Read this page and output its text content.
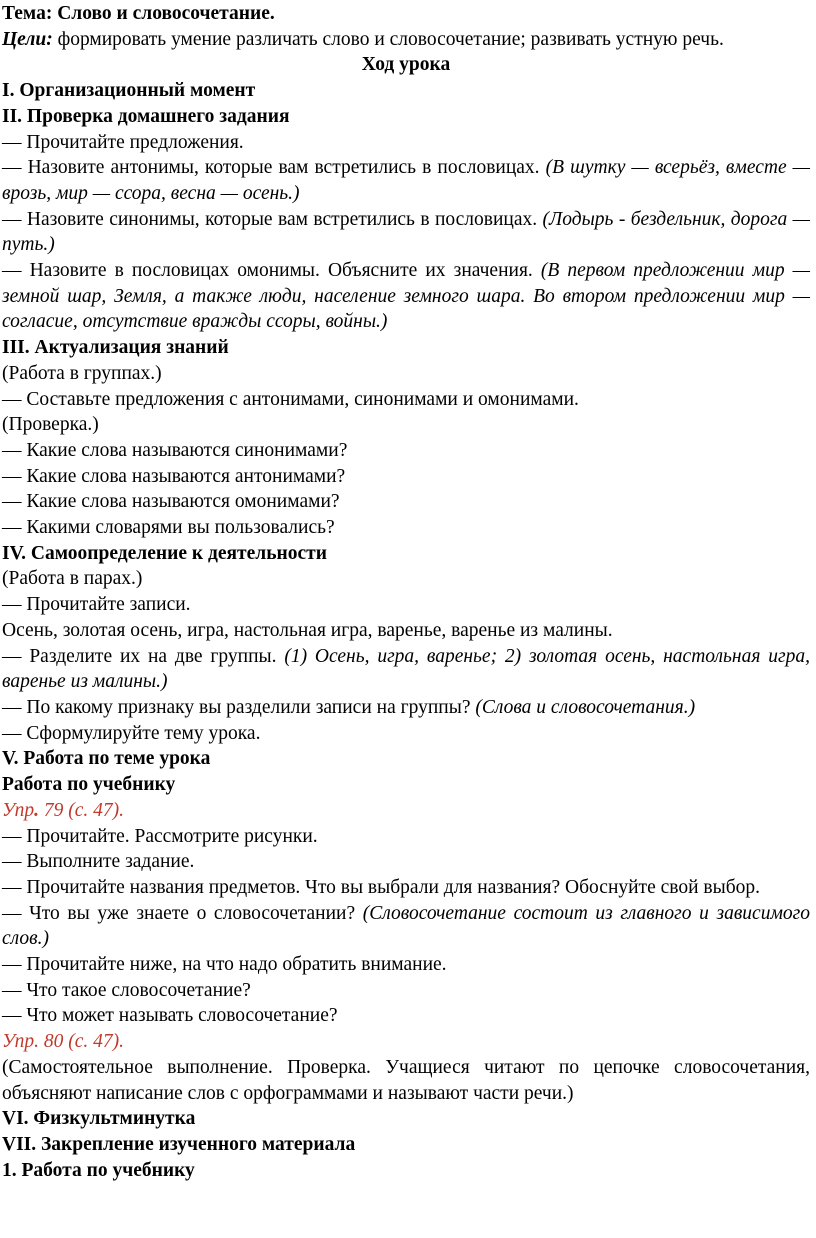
Тема: Слово и словосочетание.

Цели: формировать умение различать слово и словосочетание; развивать устную речь.

Ход урока

I. Организационный момент

II. Проверка домашнего задания

— Прочитайте предложения.

— Назовите антонимы, которые вам встретились в пословицах. (В шутку — всерьёз, вместе — врозь, мир — ссора, весна — осень.)

— Назовите синонимы, которые вам встретились в пословицах. (Лодырь - бездельник, дорога — путь.)

— Назовите в пословицах омонимы. Объясните их значения. (В первом предложении мир — земной шар, Земля, а также люди, население земного шара. Во втором предложении мир — согласие, отсутствие вражды ссоры, войны.)

III. Актуализация знаний

(Работа в группах.)

— Составьте предложения с антонимами, синонимами и омонимами.

(Проверка.)

— Какие слова называются синонимами?

— Какие слова называются антонимами?

— Какие слова называются омонимами?

— Какими словарями вы пользовались?

IV. Самоопределение к деятельности

(Работа в парах.)

— Прочитайте записи.

Осень, золотая осень, игра, настольная игра, варенье, варенье из малины.

— Разделите их на две группы. (1) Осень, игра, варенье; 2) золотая осень, настольная игра, варенье из малины.)

— По какому признаку вы разделили записи на группы? (Слова и словосочетания.)

— Сформулируйте тему урока.

V. Работа по теме урока

Работа по учебнику

Упр. 79 (с. 47).

— Прочитайте. Рассмотрите рисунки.

— Выполните задание.

— Прочитайте названия предметов. Что вы выбрали для названия? Обоснуйте свой выбор.

— Что вы уже знаете о словосочетании? (Словосочетание состоит из главного и зависимого слов.)

— Прочитайте ниже, на что надо обратить внимание.

— Что такое словосочетание?

— Что может называть словосочетание?

Упр. 80 (с. 47).

(Самостоятельное выполнение. Проверка. Учащиеся читают по цепочке словосочетания, объясняют написание слов с орфограммами и называют части речи.)

VI. Физкультминутка

VII. Закрепление изученного материала

1. Работа по учебнику
